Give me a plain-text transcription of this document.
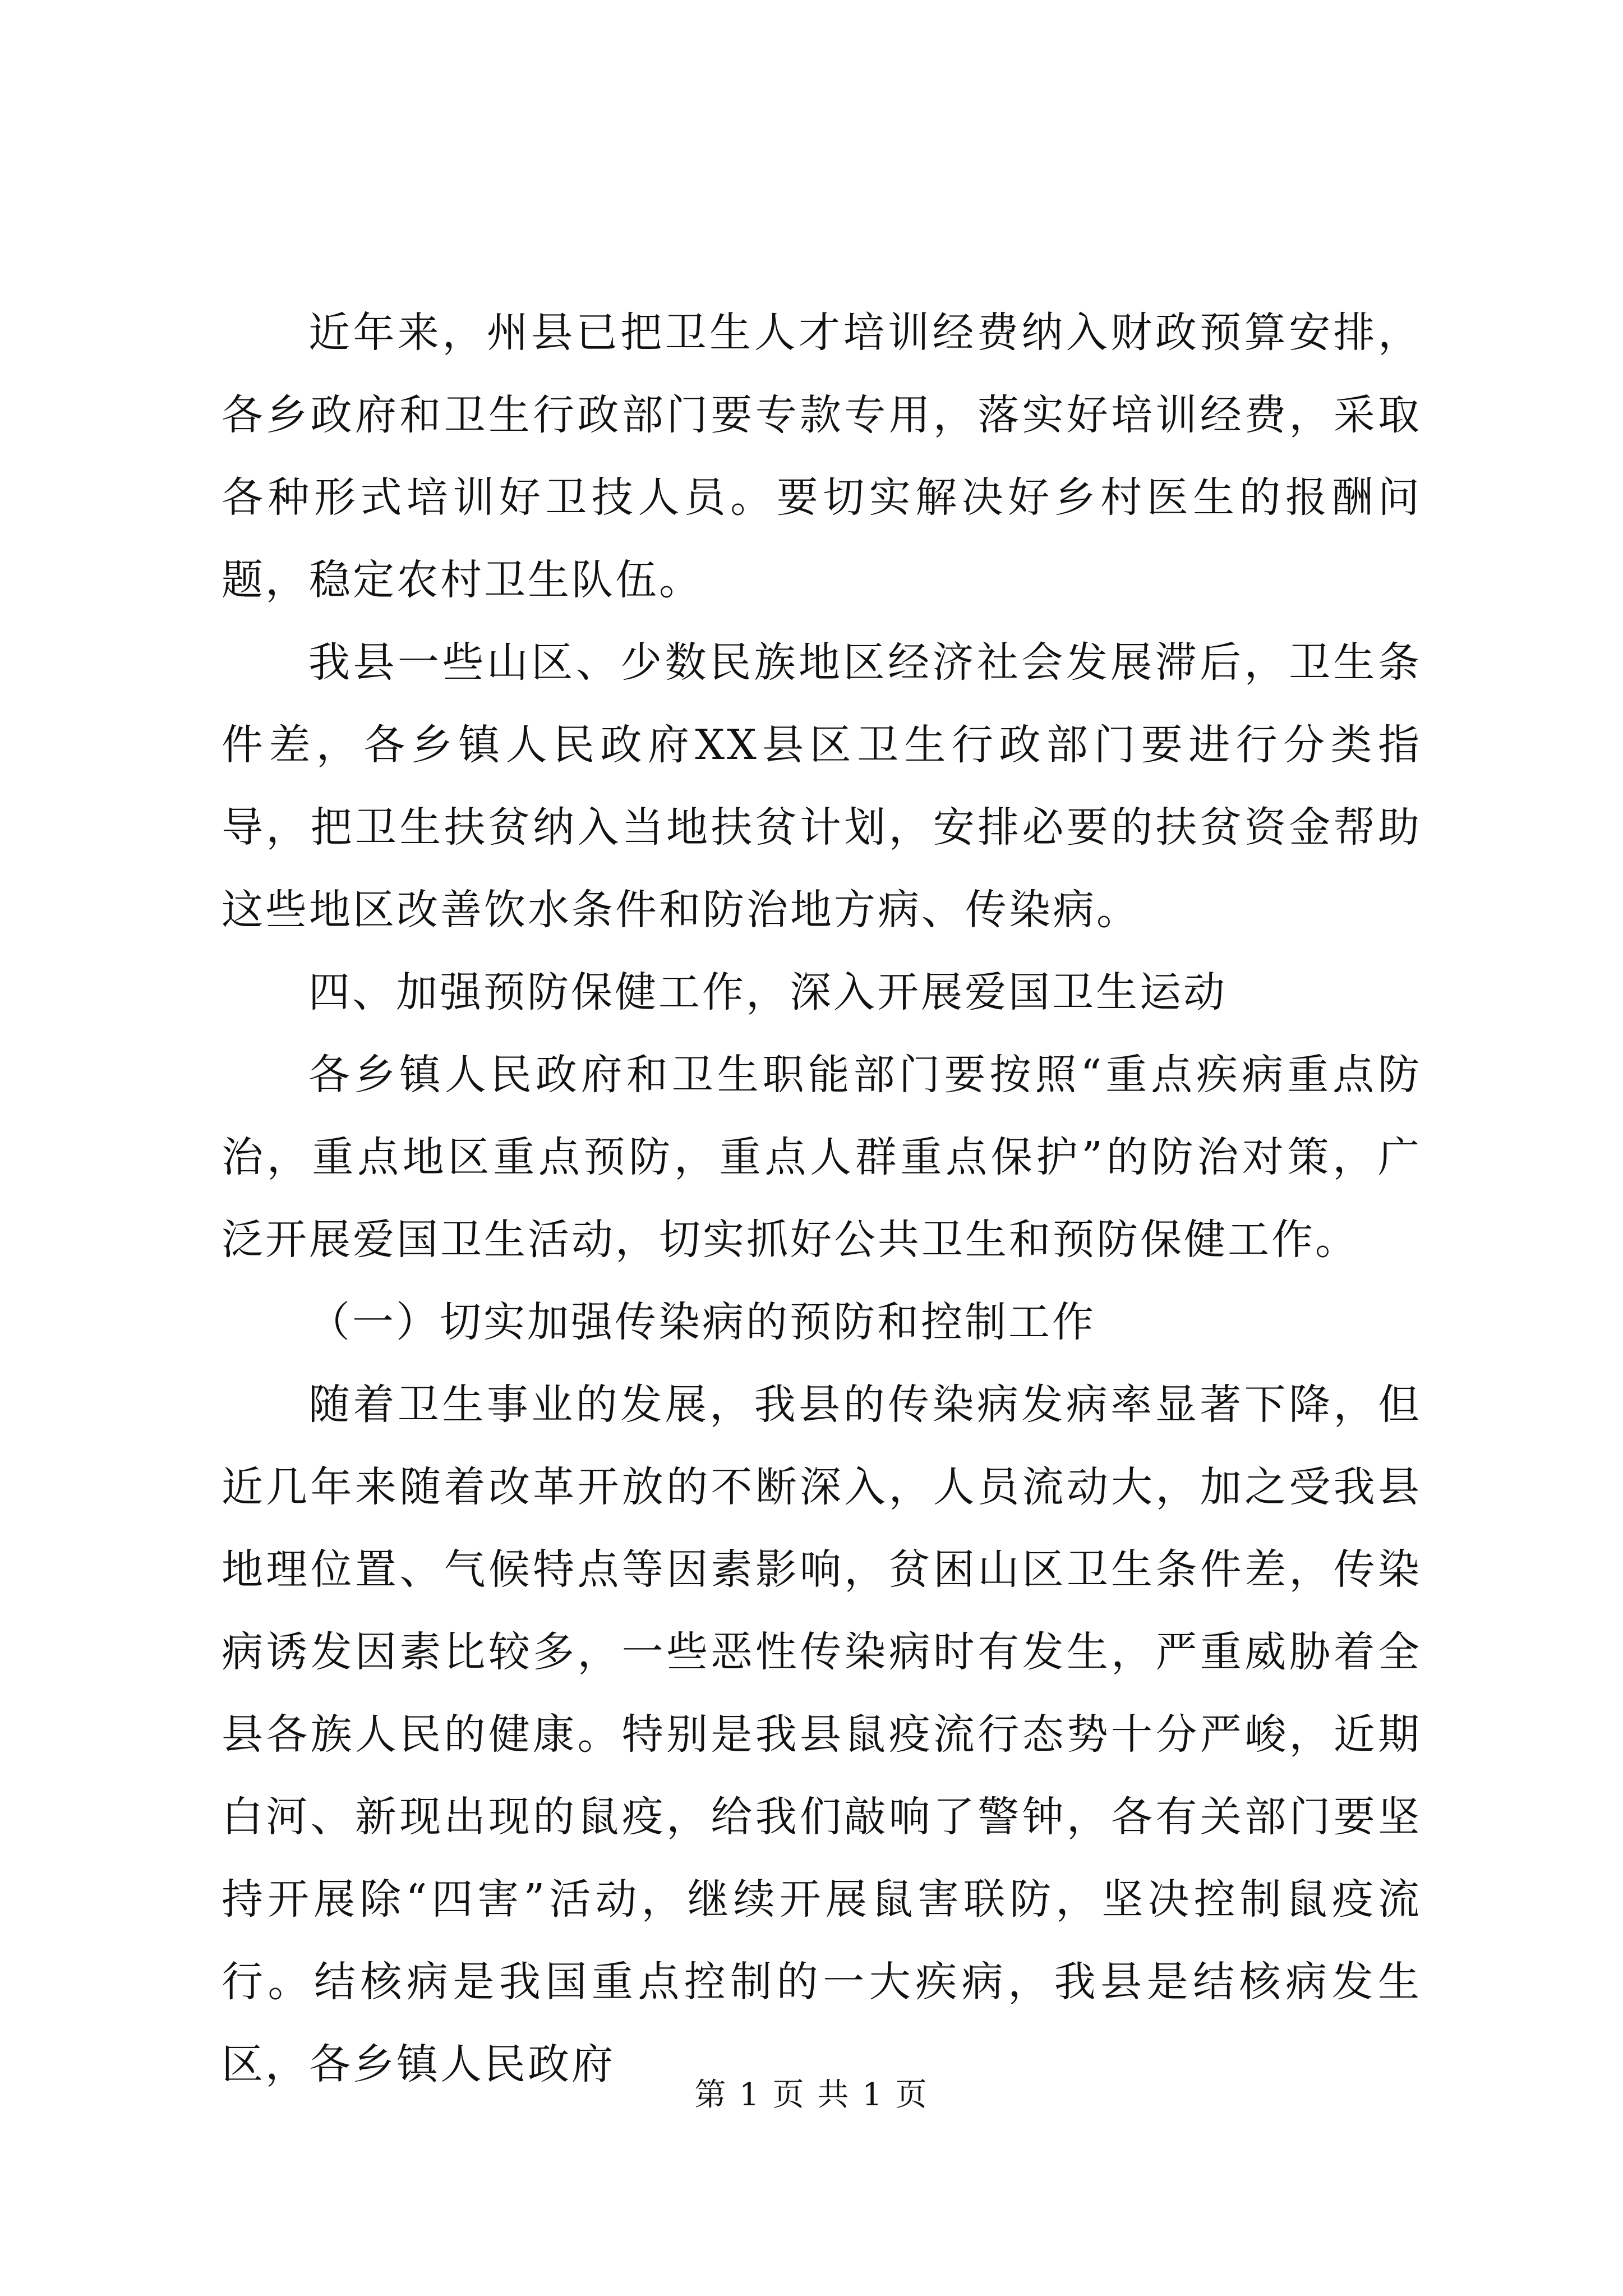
近年来，州县已把卫生人才培训经费纳入财政预算安排，各乡政府和卫生行政部门要专款专用，落实好培训经费，采取各种形式培训好卫技人员。要切实解决好乡村医生的报酬问题，稳定农村卫生队伍。

我县一些山区、少数民族地区经济社会发展滞后，卫生条件差，各乡镇人民政府XX县区卫生行政部门要进行分类指导，把卫生扶贫纳入当地扶贫计划，安排必要的扶贫资金帮助这些地区改善饮水条件和防治地方病、传染病。

四、加强预防保健工作，深入开展爱国卫生运动

各乡镇人民政府和卫生职能部门要按照“重点疾病重点防治，重点地区重点预防，重点人群重点保护”的防治对策，广泛开展爱国卫生活动，切实抓好公共卫生和预防保健工作。

（一）切实加强传染病的预防和控制工作

随着卫生事业的发展，我县的传染病发病率显著下降，但近几年来随着改革开放的不断深入，人员流动大，加之受我县地理位置、气候特点等因素影响，贫困山区卫生条件差，传染病诱发因素比较多，一些恶性传染病时有发生，严重威胁着全县各族人民的健康。特别是我县鼠疫流行态势十分严峻，近期白河、新现出现的鼠疫，给我们敲响了警钟，各有关部门要坚持开展除“四害”活动，继续开展鼠害联防，坚决控制鼠疫流行。结核病是我国重点控制的一大疾病，我县是结核病发生区，各乡镇人民政府

第 1 页 共 1 页
